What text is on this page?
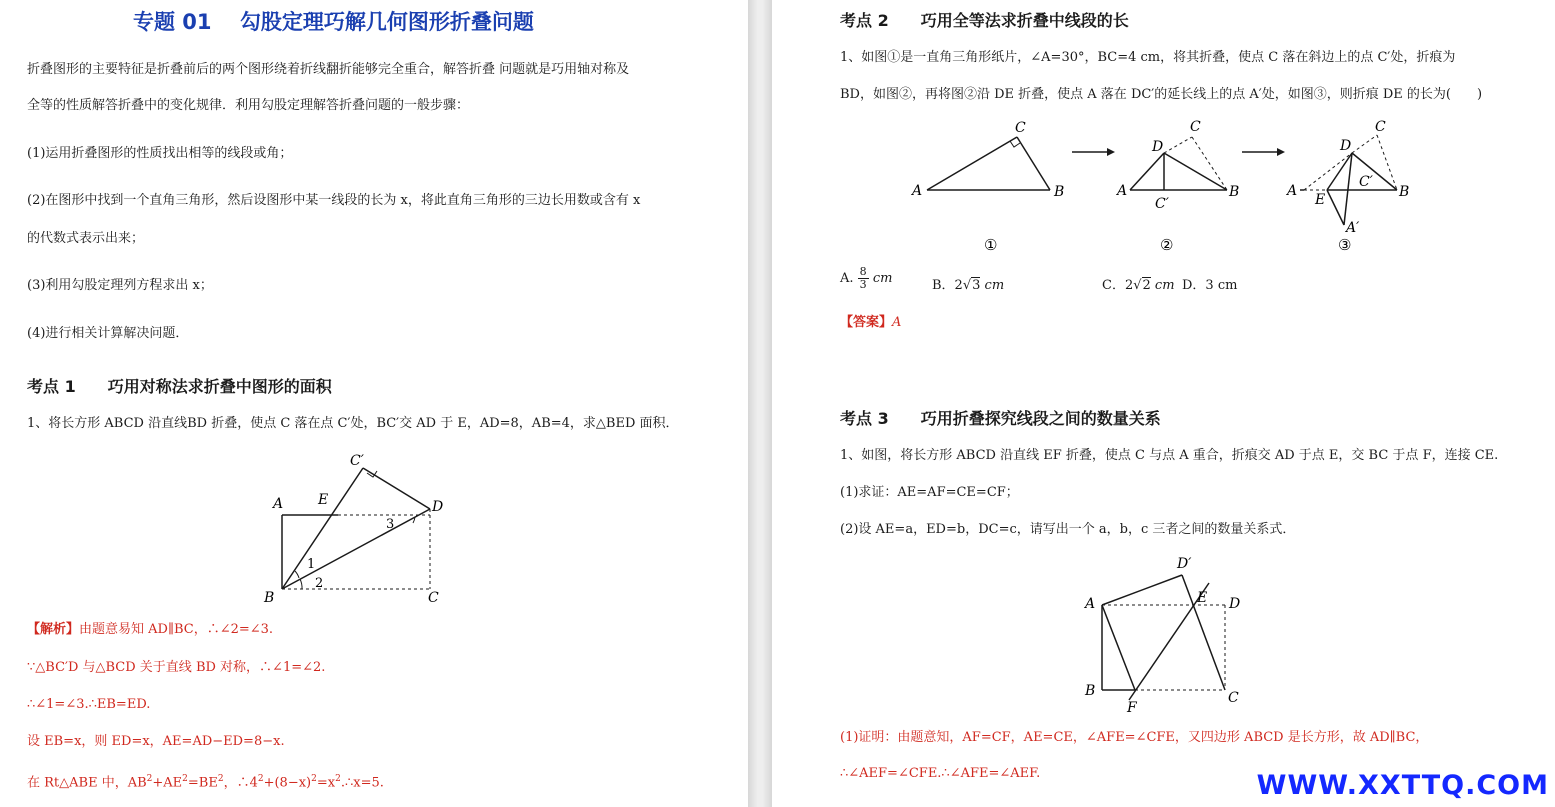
专题 01　 勾股定理巧解几何图形折叠问题
折叠图形的主要特征是折叠前后的两个图形绕着折线翻折能够完全重合，解答折叠 问题就是巧用轴对称及
全等的性质解答折叠中的变化规律．利用勾股定理解答折叠问题的一般步骤：
(1)运用折叠图形的性质找出相等的线段或角；
(2)在图形中找到一个直角三角形，然后设图形中某一线段的长为 x，将此直角三角形的三边长用数或含有 x
的代数式表示出来；
(3)利用勾股定理列方程求出 x；
(4)进行相关计算解决问题．
考点 1　　巧用对称法求折叠中图形的面积
1、将长方形 ABCD 沿直线BD 折叠，使点 C 落在点 C′处，BC′交 AD 于 E，AD=8，AB=4，求△BED 面积．
A E
C′
D
B	C
1
2
3
【解析】由题意易知 AD∥BC，∴∠2=∠3.
∵△BC′D 与△BCD 关于直线 BD 对称，∴∠1=∠2.
∴∠1=∠3.∴EB=ED.
设 EB=x，则 ED=x，AE=AD−ED=8−x.
在 Rt△ABE 中，$AB^2+AE^2=BE^2$，$\therefore 4^2+(8-x)^2=x^2.\therefore x=5$.
考点 2　　巧用全等法求折叠中线段的长
1、如图①是一直角三角形纸片，∠A=30°，BC=4 cm，将其折叠，使点 C 落在斜边上的点 C′处，折痕为
BD，如图②，再将图②沿 DE 折叠，使点 A 落在 DC′的延长线上的点 A′处，如图③，则折痕 DE 的长为(　　)
A
C
B
①
A
D
C
B
C′
②
A
D
C
B
C′
E
A′
③
A. $\frac{8}{3}$ cm	B．2√3 cm	C．2√2 cm D．3 cm
【答案】A
考点 3　　巧用折叠探究线段之间的数量关系
1、如图，将长方形 ABCD 沿直线 EF 折叠，使点 C 与点 A 重合，折痕交 AD 于点 E，交 BC 于点 F，连接 CE.
(1)求证：AE=AF=CE=CF；
(2)设 AE=a，ED=b，DC=c，请写出一个 a，b，c 三者之间的数量关系式．
A
D′
E D
B	C
F
(1)证明：由题意知，AF=CF，AE=CE，∠AFE=∠CFE，又四边形 ABCD 是长方形，故 AD∥BC，
∴∠AEF=∠CFE.∴∠AFE=∠AEF.	WWW.XXTTQ.COM
